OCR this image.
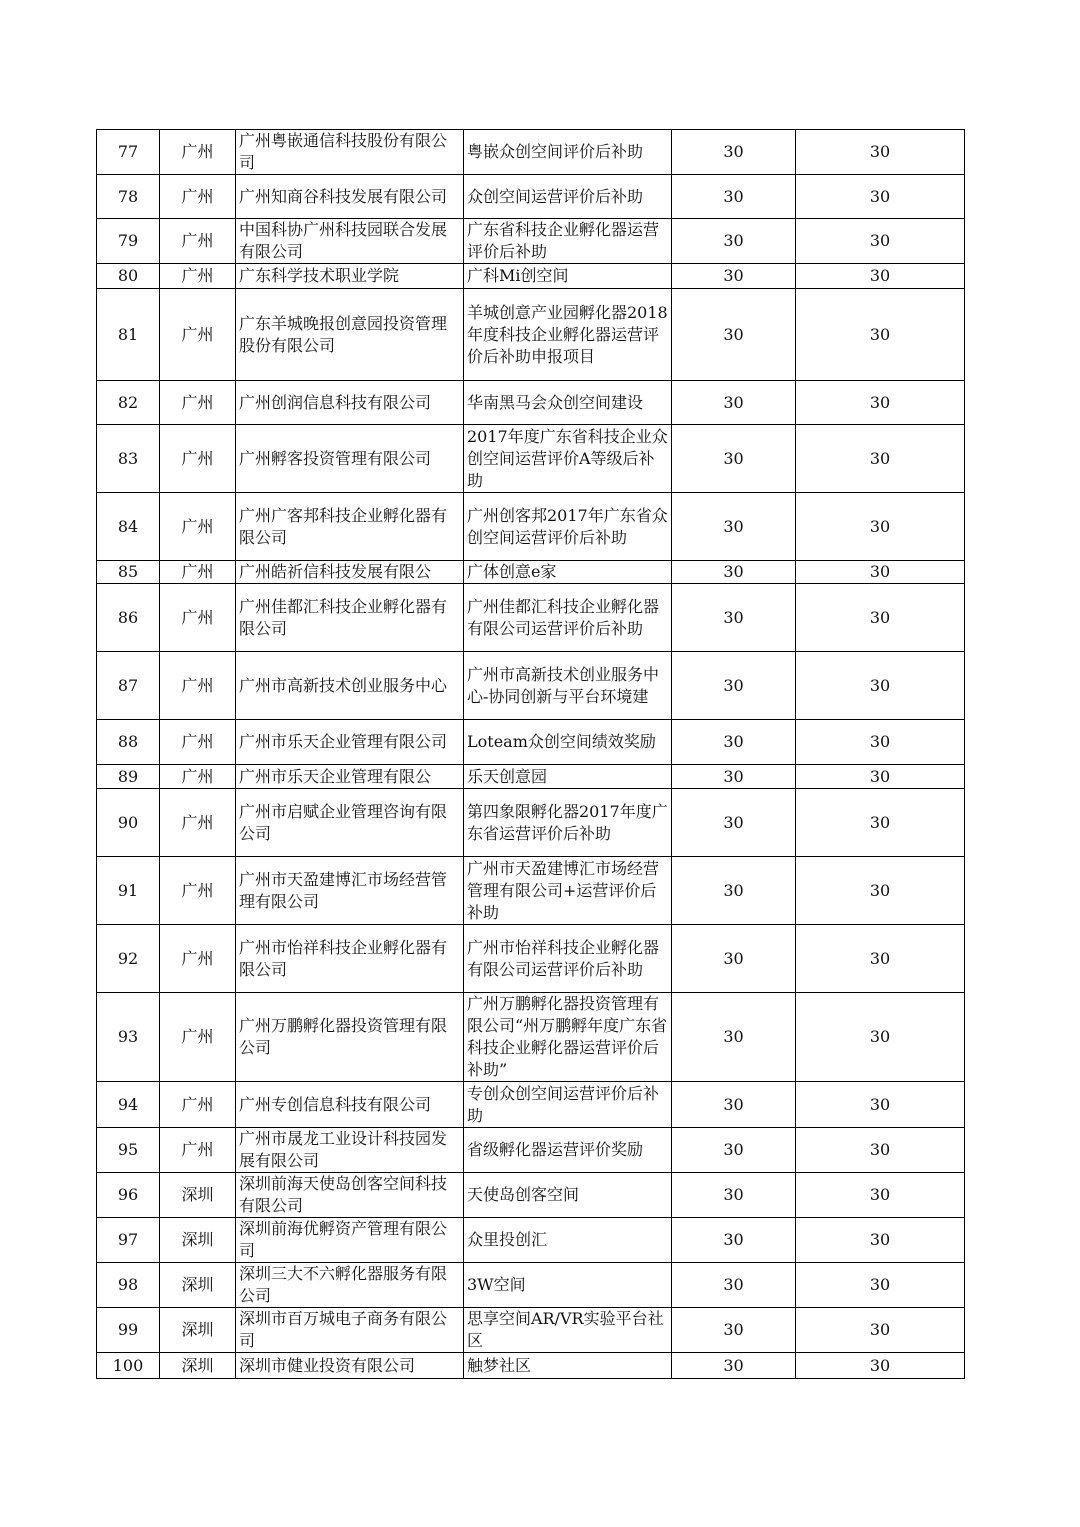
77	广州	广州粤嵌通信科技股份有限公司	粤嵌众创空间评价后补助	30	30
78	广州	广州知商谷科技发展有限公司	众创空间运营评价后补助	30	30
79	广州	中国科协广州科技园联合发展有限公司	广东省科技企业孵化器运营评价后补助	30	30
80	广州	广东科学技术职业学院	广科Mi创空间	30	30
81	广州	广东羊城晚报创意园投资管理股份有限公司	羊城创意产业园孵化器2018年度科技企业孵化器运营评价后补助申报项目	30	30
82	广州	广州创润信息科技有限公司	华南黑马会众创空间建设	30	30
83	广州	广州孵客投资管理有限公司	2017年度广东省科技企业众创空间运营评价A等级后补助	30	30
84	广州	广州广客邦科技企业孵化器有限公司	广州创客邦2017年广东省众创空间运营评价后补助	30	30
85	广州	广州皓祈信科技发展有限公	广体创意e家	30	30
86	广州	广州佳都汇科技企业孵化器有限公司	广州佳都汇科技企业孵化器有限公司运营评价后补助	30	30
87	广州	广州市高新技术创业服务中心	广州市高新技术创业服务中心-协同创新与平台环境建	30	30
88	广州	广州市乐天企业管理有限公司	Loteam众创空间绩效奖励	30	30
89	广州	广州市乐天企业管理有限公	乐天创意园	30	30
90	广州	广州市启赋企业管理咨询有限公司	第四象限孵化器2017年度广东省运营评价后补助	30	30
91	广州	广州市天盈建博汇市场经营管理有限公司	广州市天盈建博汇市场经营管理有限公司+运营评价后补助	30	30
92	广州	广州市怡祥科技企业孵化器有限公司	广州市怡祥科技企业孵化器有限公司运营评价后补助	30	30
93	广州	广州万鹏孵化器投资管理有限公司	广州万鹏孵化器投资管理有限公司“州万鹏孵年度广东省科技企业孵化器运营评价后补助”	30	30
94	广州	广州专创信息科技有限公司	专创众创空间运营评价后补助	30	30
95	广州	广州市晟龙工业设计科技园发展有限公司	省级孵化器运营评价奖励	30	30
96	深圳	深圳前海天使岛创客空间科技有限公司	天使岛创客空间	30	30
97	深圳	深圳前海优孵资产管理有限公司	众里投创汇	30	30
98	深圳	深圳三大不六孵化器服务有限公司	3W空间	30	30
99	深圳	深圳市百万城电子商务有限公司	思享空间AR/VR实验平台社区	30	30
100	深圳	深圳市健业投资有限公司	触梦社区	30	30
